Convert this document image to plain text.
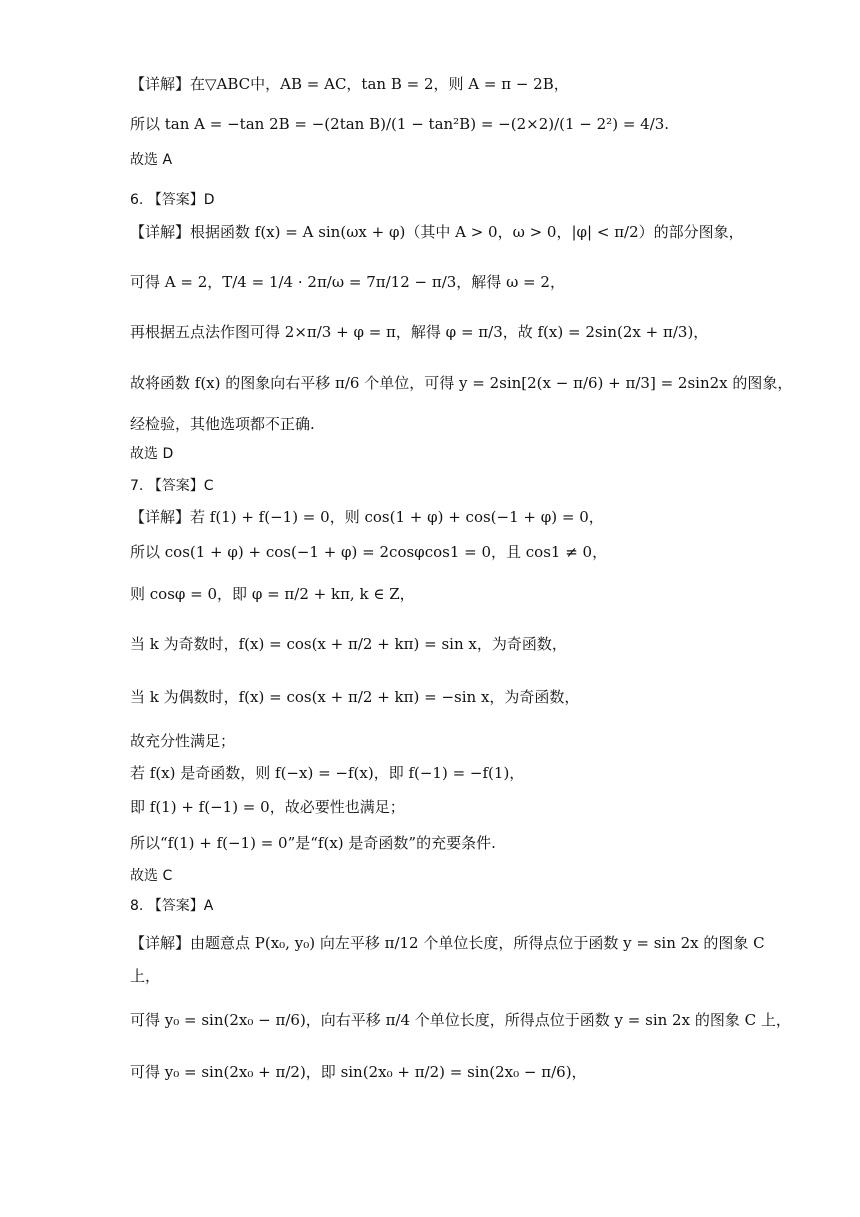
【详解】在▽ABC中，AB = AC，tan B = 2，则 A = π − 2B，
所以 tan A = −tan 2B = −(2tan B)/(1 − tan²B) = −(2×2)/(1 − 2²) = 4/3.
故选 A
6. 【答案】D
【详解】根据函数 f(x) = A sin(ωx + φ)（其中 A > 0，ω > 0，|φ| < π/2）的部分图象，
可得 A = 2，T/4 = 1/4 · 2π/ω = 7π/12 − π/3，解得 ω = 2，
再根据五点法作图可得 2×π/3 + φ = π，解得 φ = π/3，故 f(x) = 2sin(2x + π/3)，
故将函数 f(x) 的图象向右平移 π/6 个单位，可得 y = 2sin[2(x − π/6) + π/3] = 2sin2x 的图象，
经检验，其他选项都不正确.
故选 D
7. 【答案】C
【详解】若 f(1) + f(−1) = 0，则 cos(1 + φ) + cos(−1 + φ) = 0，
所以 cos(1 + φ) + cos(−1 + φ) = 2cosφcos1 = 0，且 cos1 ≠ 0，
则 cosφ = 0，即 φ = π/2 + kπ, k ∈ Z，
当 k 为奇数时，f(x) = cos(x + π/2 + kπ) = sin x，为奇函数，
当 k 为偶数时，f(x) = cos(x + π/2 + kπ) = −sin x，为奇函数，
故充分性满足；
若 f(x) 是奇函数，则 f(−x) = −f(x)，即 f(−1) = −f(1)，
即 f(1) + f(−1) = 0，故必要性也满足；
所以“f(1) + f(−1) = 0”是“f(x) 是奇函数”的充要条件.
故选 C
8. 【答案】A
【详解】由题意点 P(x₀, y₀) 向左平移 π/12 个单位长度，所得点位于函数 y = sin 2x 的图象 C
上，
可得 y₀ = sin(2x₀ − π/6)，向右平移 π/4 个单位长度，所得点位于函数 y = sin 2x 的图象 C 上，
可得 y₀ = sin(2x₀ + π/2)，即 sin(2x₀ + π/2) = sin(2x₀ − π/6)，
